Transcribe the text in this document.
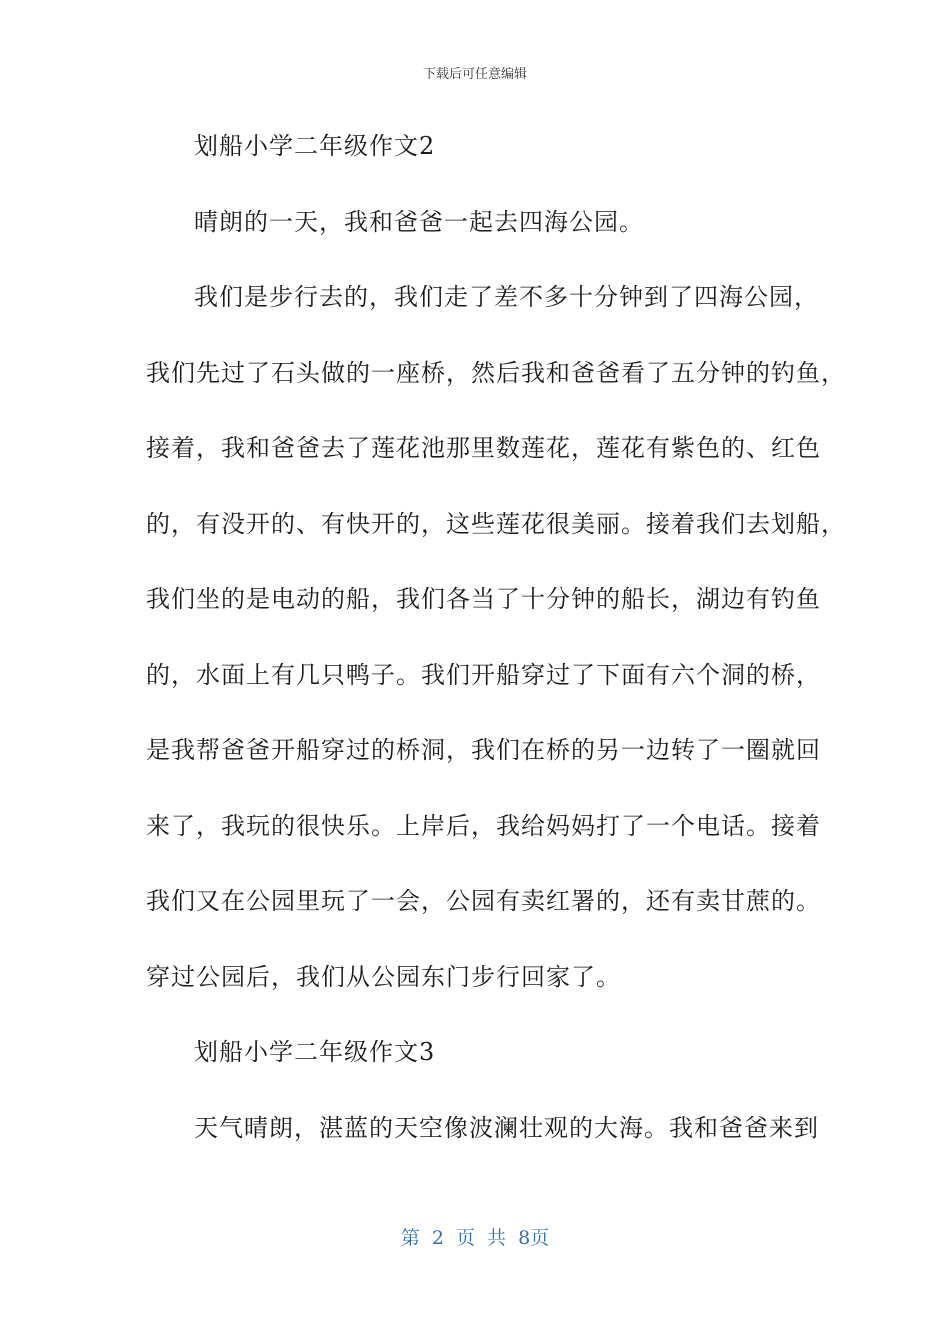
下载后可任意编辑
划船小学二年级作文2
晴朗的一天，我和爸爸一起去四海公园。
我们是步行去的，我们走了差不多十分钟到了四海公园，
我们先过了石头做的一座桥，然后我和爸爸看了五分钟的钓鱼，
接着，我和爸爸去了莲花池那里数莲花，莲花有紫色的、红色
的，有没开的、有快开的，这些莲花很美丽。接着我们去划船，
我们坐的是电动的船，我们各当了十分钟的船长，湖边有钓鱼
的，水面上有几只鸭子。我们开船穿过了下面有六个洞的桥，
是我帮爸爸开船穿过的桥洞，我们在桥的另一边转了一圈就回
来了，我玩的很快乐。上岸后，我给妈妈打了一个电话。接着
我们又在公园里玩了一会，公园有卖红署的，还有卖甘蔗的。
穿过公园后，我们从公园东门步行回家了。
划船小学二年级作文3
天气晴朗，湛蓝的天空像波澜壮观的大海。我和爸爸来到
第 2 页 共 8页
